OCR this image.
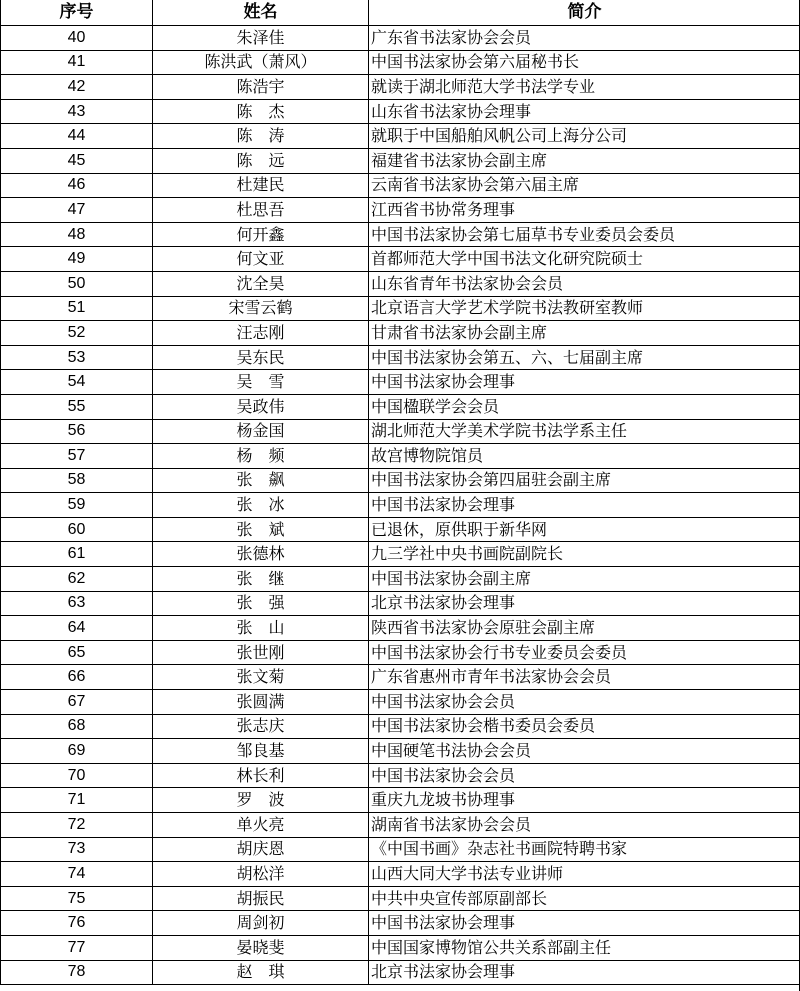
序号	姓名	简介
40	朱泽佳	广东省书法家协会会员
41	陈洪武（萧风）	中国书法家协会第六届秘书长
42	陈浩宇	就读于湖北师范大学书法学专业
43	陈　杰	山东省书法家协会理事
44	陈　涛	就职于中国船舶风帆公司上海分公司
45	陈　远	福建省书法家协会副主席
46	杜建民	云南省书法家协会第六届主席
47	杜思吾	江西省书协常务理事
48	何开鑫	中国书法家协会第七届草书专业委员会委员
49	何文亚	首都师范大学中国书法文化研究院硕士
50	沈全昊	山东省青年书法家协会会员
51	宋雪云鹤	北京语言大学艺术学院书法教研室教师
52	汪志刚	甘肃省书法家协会副主席
53	吴东民	中国书法家协会第五、六、七届副主席
54	吴　雪	中国书法家协会理事
55	吴政伟	中国楹联学会会员
56	杨金国	湖北师范大学美术学院书法学系主任
57	杨　频	故宫博物院馆员
58	张　飙	中国书法家协会第四届驻会副主席
59	张　冰	中国书法家协会理事
60	张　斌	已退休，原供职于新华网
61	张德林	九三学社中央书画院副院长
62	张　继	中国书法家协会副主席
63	张　强	北京书法家协会理事
64	张　山	陕西省书法家协会原驻会副主席
65	张世刚	中国书法家协会行书专业委员会委员
66	张文菊	广东省惠州市青年书法家协会会员
67	张圆满	中国书法家协会会员
68	张志庆	中国书法家协会楷书委员会委员
69	邹良基	中国硬笔书法协会会员
70	林长利	中国书法家协会会员
71	罗　波	重庆九龙坡书协理事
72	单火亮	湖南省书法家协会会员
73	胡庆恩	《中国书画》杂志社书画院特聘书家
74	胡松洋	山西大同大学书法专业讲师
75	胡振民	中共中央宣传部原副部长
76	周剑初	中国书法家协会理事
77	晏晓斐	中国国家博物馆公共关系部副主任
78	赵　琪	北京书法家协会理事
